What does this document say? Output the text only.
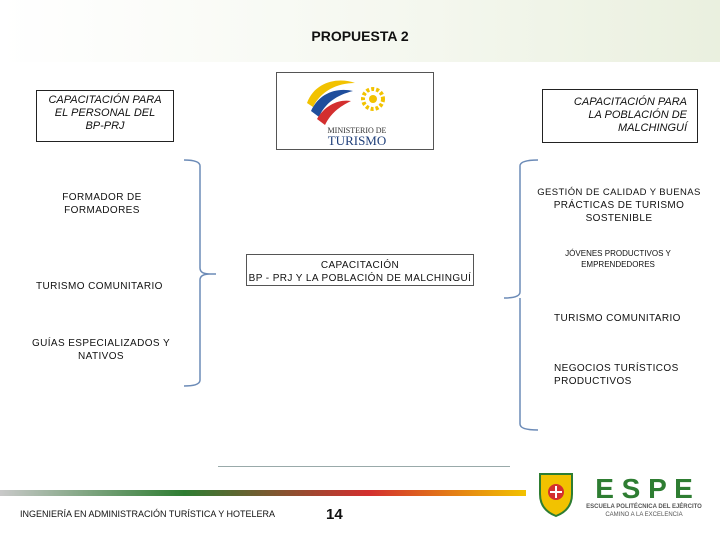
PROPUESTA 2
CAPACITACIÓN PARA
EL PERSONAL DEL
BP-PRJ	MINISTERIO DE
TURISMO
CAPACITACIÓN PARA
LA POBLACIÓN DE
MALCHINGUÍ
FORMADOR DE
FORMADORES
TURISMO COMUNITARIO
GUÍAS ESPECIALIZADOS Y
NATIVOS
CAPACITACIÓN
BP - PRJ Y LA POBLACIÓN DE MALCHINGUÍ
GESTIÓN DE CALIDAD Y BUENAS
PRÁCTICAS DE TURISMO
SOSTENIBLE
JÓVENES PRODUCTIVOS Y
EMPRENDEDORES
TURISMO COMUNITARIO
NEGOCIOS TURÍSTICOS
PRODUCTIVOS
INGENIERÍA EN ADMINISTRACIÓN TURÍSTICA Y HOTELERA	14
E S P E
ESCUELA POLITÉCNICA DEL EJÉRCITO
CAMINO A LA EXCELENCIA
